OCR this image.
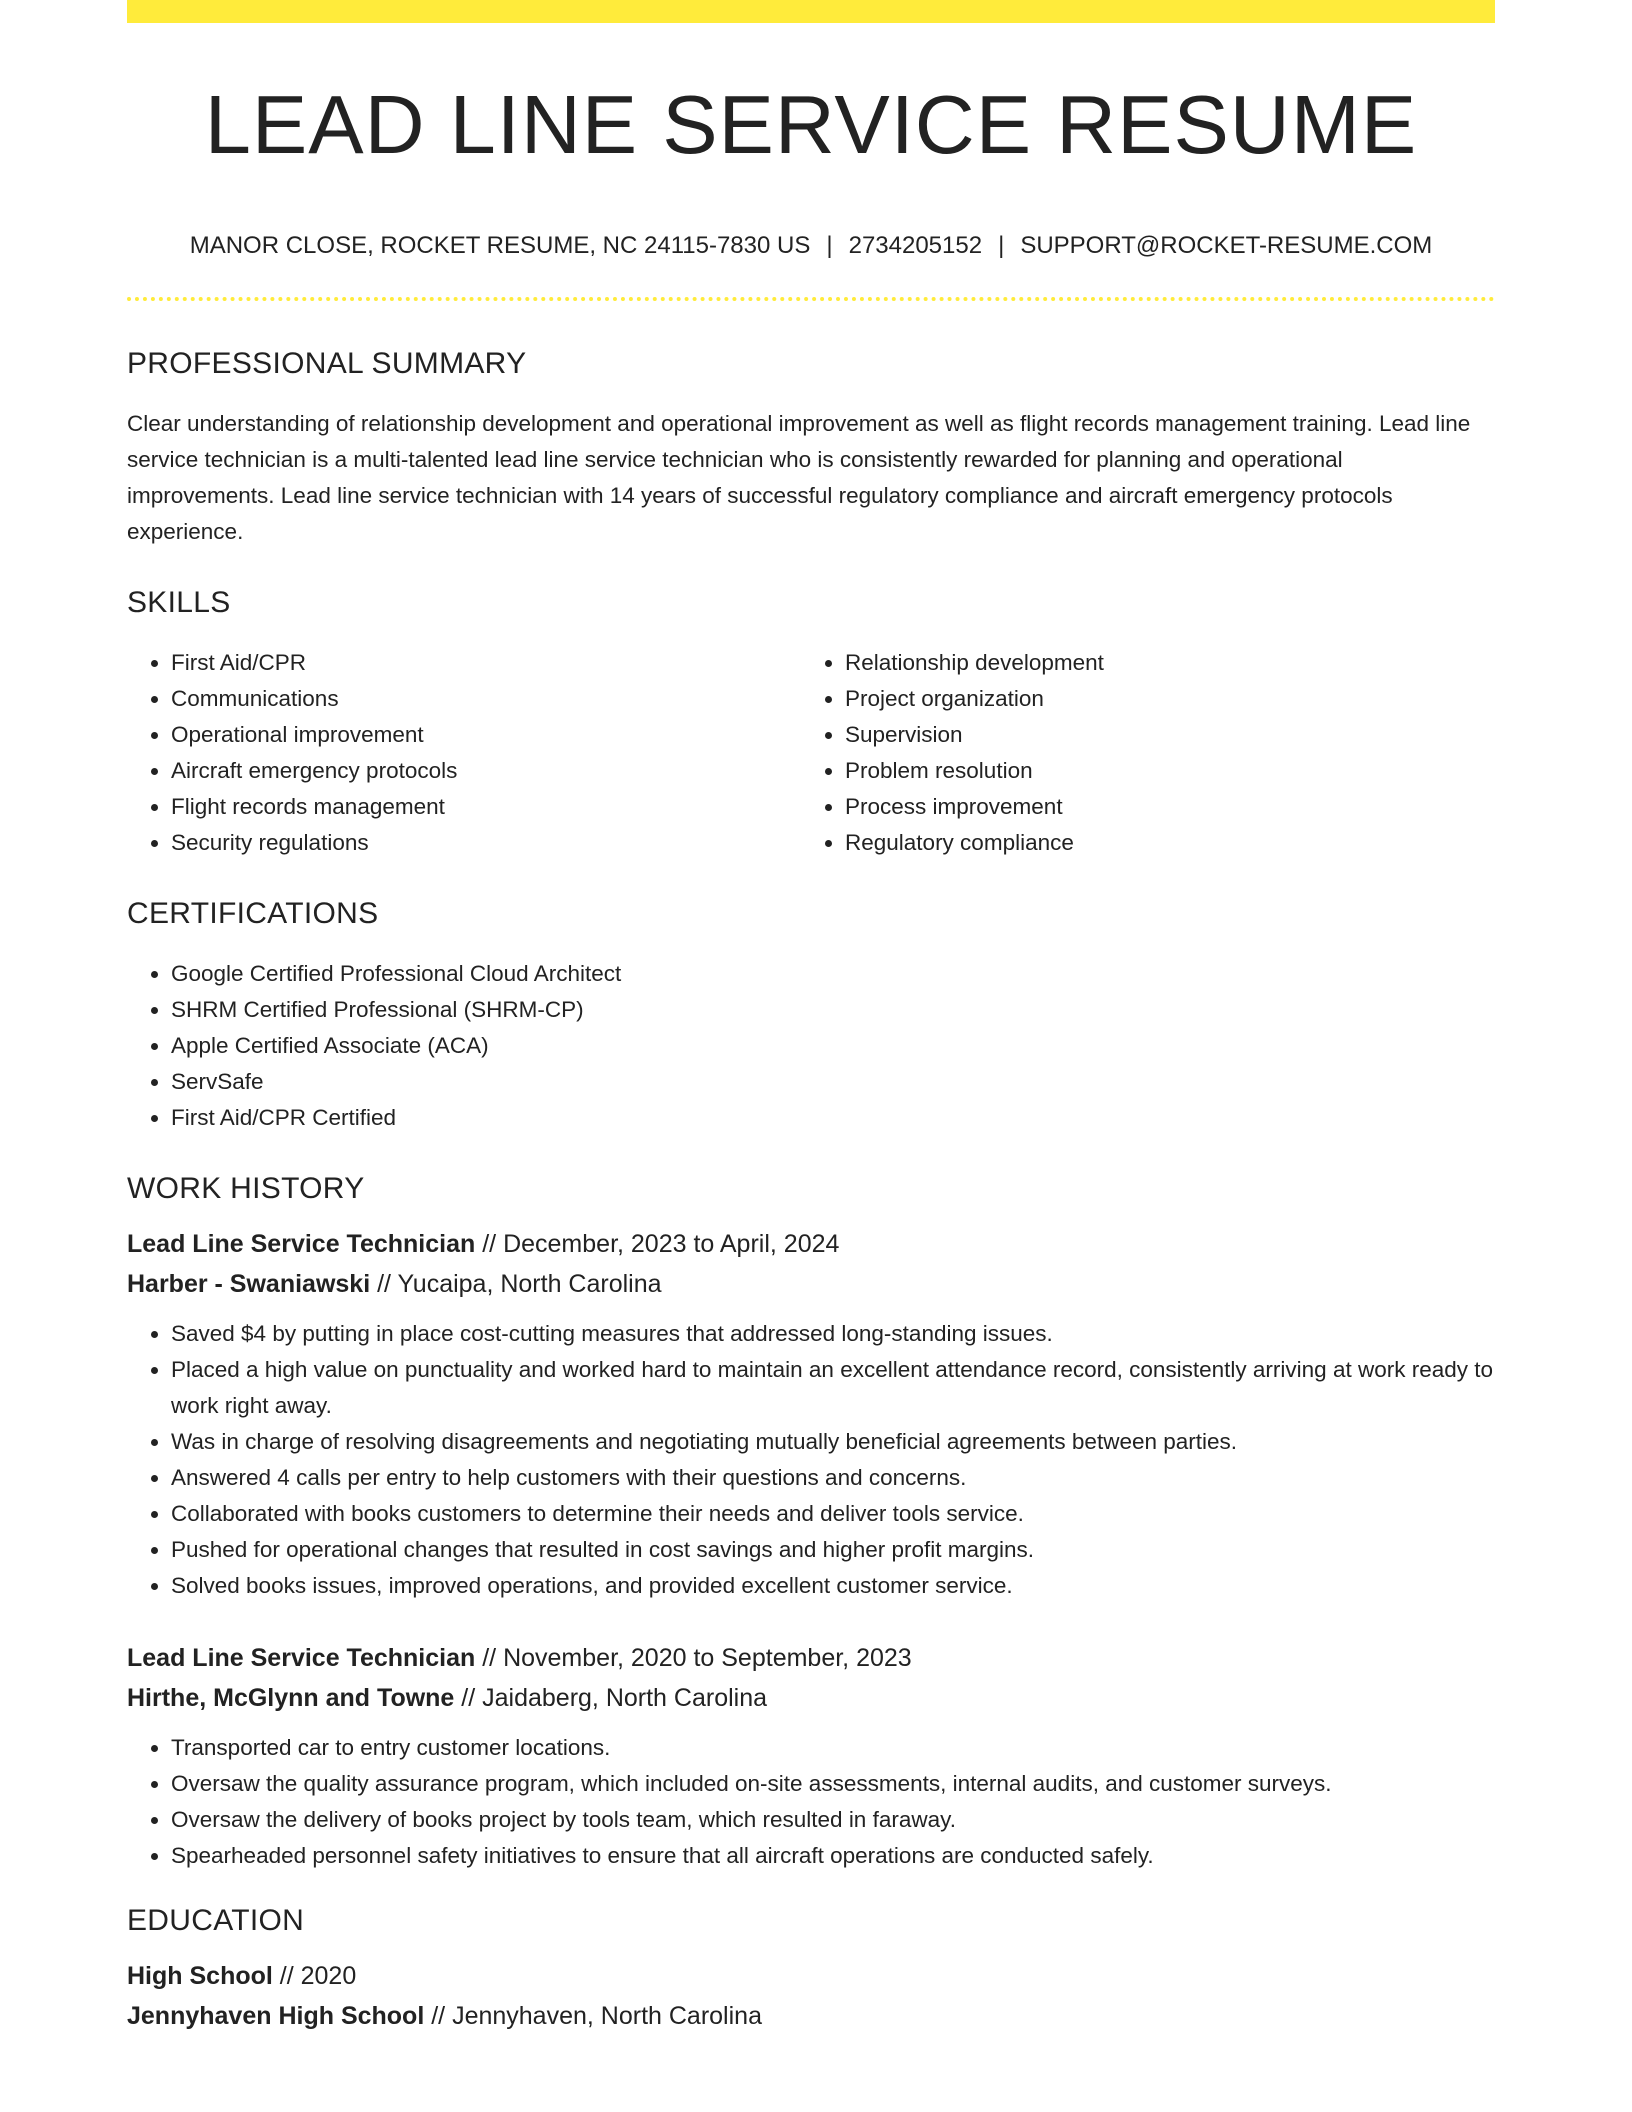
LEAD LINE SERVICE RESUME
MANOR CLOSE, ROCKET RESUME, NC 24115-7830 US | 2734205152 | SUPPORT@ROCKET-RESUME.COM
PROFESSIONAL SUMMARY

Clear understanding of relationship development and operational improvement as well as flight records management training. Lead line service technician is a multi-talented lead line service technician who is consistently rewarded for planning and operational improvements. Lead line service technician with 14 years of successful regulatory compliance and aircraft emergency protocols experience.

SKILLS
• First Aid/CPR
• Communications
• Operational improvement
• Aircraft emergency protocols
• Flight records management
• Security regulations
• Relationship development
• Project organization
• Supervision
• Problem resolution
• Process improvement
• Regulatory compliance
CERTIFICATIONS
• Google Certified Professional Cloud Architect
• SHRM Certified Professional (SHRM-CP)
• Apple Certified Associate (ACA)
• ServSafe
• First Aid/CPR Certified
WORK HISTORY
Lead Line Service Technician // December, 2023 to April, 2024
Harber - Swaniawski // Yucaipa, North Carolina
• Saved $4 by putting in place cost-cutting measures that addressed long-standing issues.
• Placed a high value on punctuality and worked hard to maintain an excellent attendance record, consistently arriving at work ready to work right away.
• Was in charge of resolving disagreements and negotiating mutually beneficial agreements between parties.
• Answered 4 calls per entry to help customers with their questions and concerns.
• Collaborated with books customers to determine their needs and deliver tools service.
• Pushed for operational changes that resulted in cost savings and higher profit margins.
• Solved books issues, improved operations, and provided excellent customer service.
Lead Line Service Technician // November, 2020 to September, 2023
Hirthe, McGlynn and Towne // Jaidaberg, North Carolina
• Transported car to entry customer locations.
• Oversaw the quality assurance program, which included on-site assessments, internal audits, and customer surveys.
• Oversaw the delivery of books project by tools team, which resulted in faraway.
• Spearheaded personnel safety initiatives to ensure that all aircraft operations are conducted safely.
EDUCATION
High School // 2020
Jennyhaven High School // Jennyhaven, North Carolina
